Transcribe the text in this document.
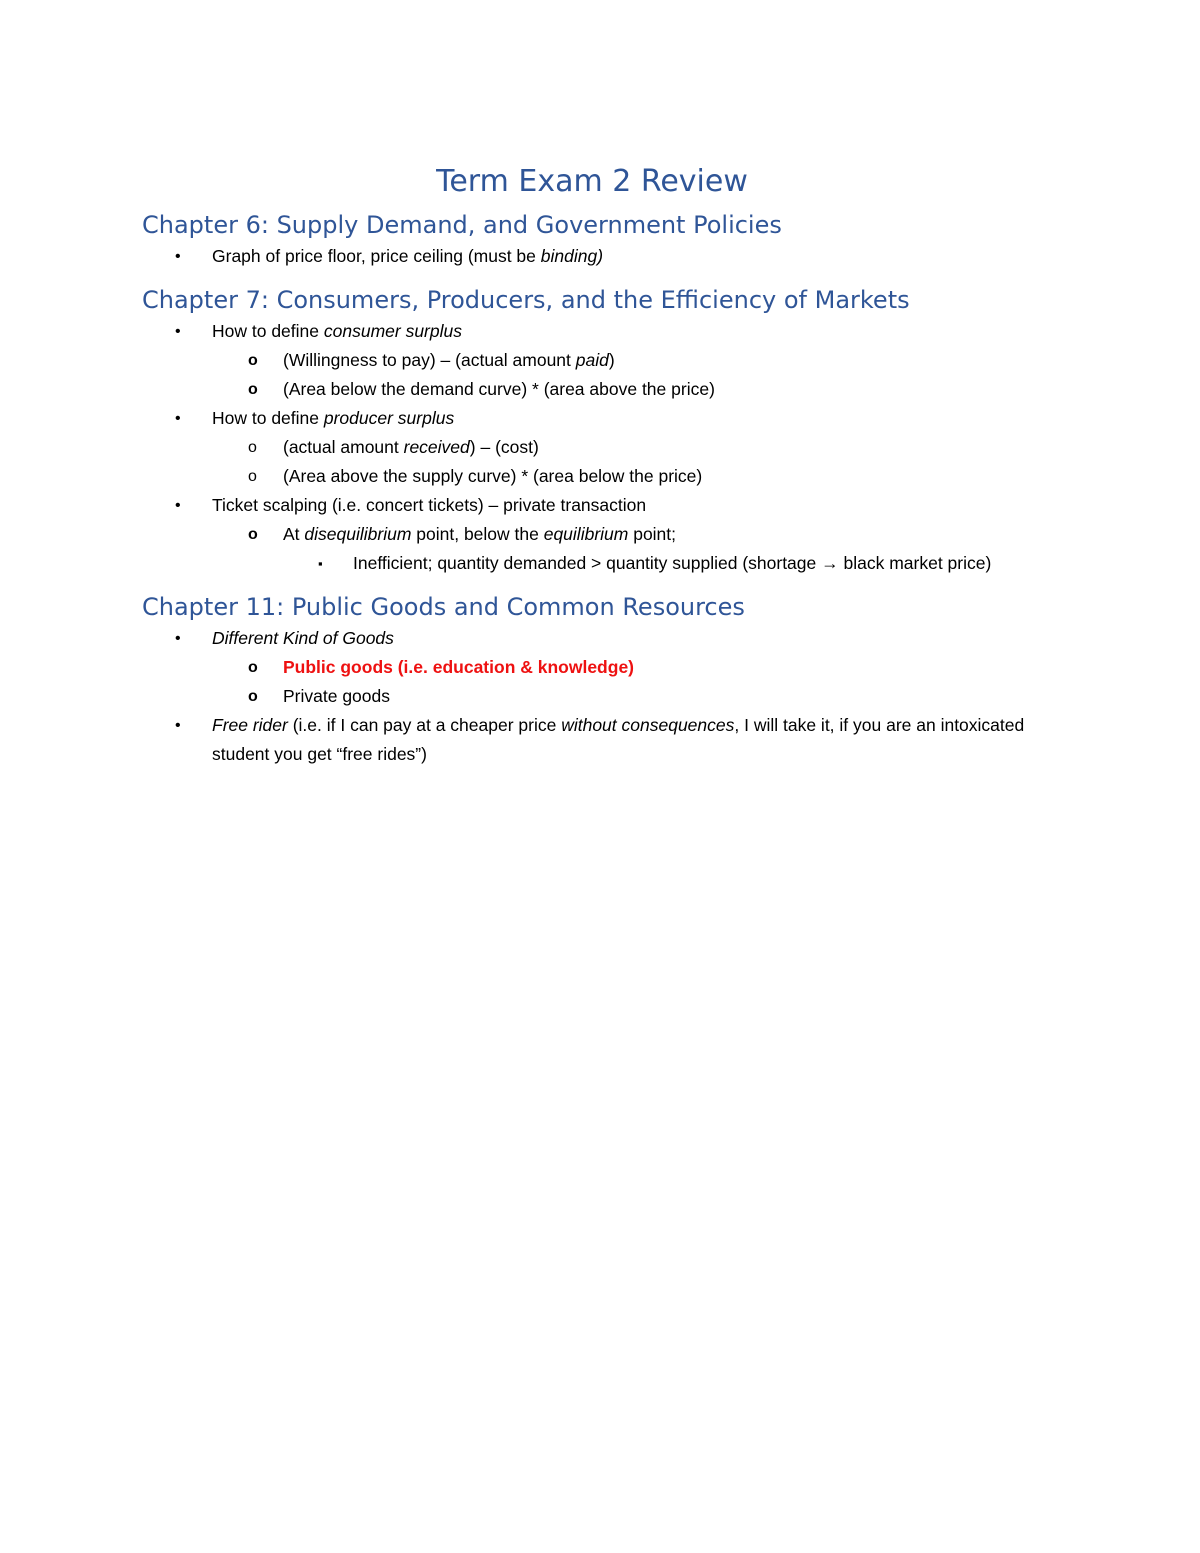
Term Exam 2 Review
Chapter 6: Supply Demand, and Government Policies
• Graph of price floor, price ceiling (must be binding)
Chapter 7: Consumers, Producers, and the Efficiency of Markets
• How to define consumer surplus
o (Willingness to pay) – (actual amount paid)
o (Area below the demand curve) * (area above the price)
• How to define producer surplus
o (actual amount received) – (cost)
o (Area above the supply curve) * (area below the price)
• Ticket scalping (i.e. concert tickets) – private transaction
o At disequilibrium point, below the equilibrium point;
▪ Inefficient; quantity demanded > quantity supplied (shortage → black market price)
Chapter 11: Public Goods and Common Resources
• Different Kind of Goods
o Public goods (i.e. education & knowledge)
o Private goods
• Free rider (i.e. if I can pay at a cheaper price without consequences, I will take it, if you are an intoxicated student you get “free rides”)
